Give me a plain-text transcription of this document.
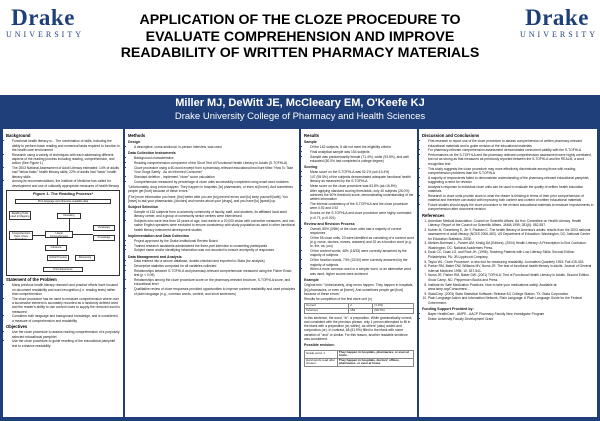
Drake
UNIVERSITY
APPLICATION OF THE CLOZE PROCEDURE TO
EVALUATE COMPREHENSION AND IMPROVE
READABILITY OF WRITTEN PHARMACY MATERIALS
Drake
UNIVERSITY
Miller MJ, DeWitt JE, McCleeary EM, O'Keefe KJ
Drake University College of Pharmacy and Health Sciences
Background
• Functional health literacy is... The combination of skills, including the ability to perform basic reading and numerical tasks required to function in the health care environment
• Research using a variety of techniques with each addressing different aspects of the reading process including reading, comprehension, and action (See Figure 1)
• The 2003 National Assessment of Adult Literacy estimated: 14% of adults had "below basic" health literacy skills; 22% of adults had "basic" health literacy skills
• Among its recommendations, the Institute of Medicine has called for development and use of culturally appropriate measures of health literacy
Figure 1. The Reading Process*
Print language and otherwise available data
Reading Tools used in Mapping	Decoding
Comprehension Tools: Cloze Procedure
Literal Comprehension
Vocabulary
Knowledge
Inference
Global Process	Reasoning
Prior Experience
Statement of the Problem
• Many previous health literacy research and practice efforts have focused on document readability and word recognition (i.e. reading tests) rather than comprehension
• The cloze procedure has be used to measure comprehension where over a successive element is accurately recorded as a randomly deleted word and the reader's ability to use context clues to supply the removed word is measured
• Considers both language and background knowledge, and is considered a measure of comprehension and readability
Objectives
• Use the cloze procedure to assess reading comprehension of a purposely selected educational pamphlet
• Use the cloze procedure to guide rewriting of the educational pamphlet text to enhance readability
Methods
Design
• A descriptive, cross-sectional, in-person interview, was used
Data Collection Instruments
• Background characteristics
• Reading comprehension component of the Short Test of Functional Health Literacy in Adults (S-TOFHLA)
• Cloze procedure using a 60-word excerpt from a pharmacy-relevant educational brochure titled "How To Take Your Drugs Safely - As an Informed Consumer"
• Standard deletion - Implement "cloze" score calculation
• Comprehension measured by percentage of cloze units successfully completed using exact word matches

"Unfortunately, drug errors happen. They happen in hospitals, [in] pharmacies, or even at [home]. And sometimes people get [hurt] because of these errors."

[The] more information you have, [the] better able you are [to] prevent errors and [to] keep yourself [safe]. You [have] to ask your pharmacists, [doctors] and nurses about your [drugs], and you have [to] [speak] up.

Subject Selection
• Sample of 162 subjects from a university community of faculty, staff, and students, its affiliated local adult literacy center, and a group of community senior centers were interviewed
• Subjects who were less than 18 years of age, had reside in a 20,000 vision with corrective measures, and non-native English speakers were excluded to ensure consistency with study population as used in other functional health literacy instrument development studies
Implementation and Data Collection
• Project approved by the Drake Institutional Review Board
• Trained research assistants administered the three-part interview to consenting participants
• Subject name and/or identifying information was not recorded to ensure anonymity of responses
Data Management and Analysis
• Data entered into a secure database, double-checked and exported to Stata (for analysis)
• Descriptive statistics computed for all variables collected
• Relationships between S-TOFHLA and pharmacy-relevant comprehension measured using the Fisher Exact test (p < 0.05)
• Relationships among the cloze procedure score on the pharmacy-relevant brochure, S-TOFHLA score, and educational level
• Qualitative review of cloze responses provided opportunities to improve content readability and used principles of plain language (e.g., common words, context, and short sentences)
Results
Sample
• Of the 162 subjects, 8 did not meet the eligibility criteria
• Final analytical sample was 154 subjects
• Sample was predominantly female (71.4%), white (93.5%), and well educated (50.0% had completed a college degree)
Scoring
• Mean score on the S-TOFHLA was 92.1% (sd=13.4%)
• 147 (95.5%) of the subjects demonstrated adequate functional health literacy as measured by the S-TOFHLA
• Mean score on the cloze procedure was 63.8% (sd=16.5%)
• After applying standard scoring thresholds, only 40 subjects (26.0%) achieved the 60% threshold score, demonstrating understanding of the written information
• The internal consistency of the S-TOFHLA and the cloze procedure were 0.92 and 0.92
• Scores on the S-TOFHLA and cloze procedure were highly correlated (r=0.71, p<0.001)
Review and Revision Process
• Overall, 65% (3/5th) of the cloze units had a majority of correct responses
• Of the 55 cloze units, 23 were identified as consisting of a content word (e.g. nurse, doctors, nurses, answers) and 32 as a function word (e.g. to, the, as, you)
• Of the content words, 48% (15/33) were correctly answered by the majority of subjects
• Of the function words, 73% (22/30) were correctly answered by the majority of subjects
• When a more common word or a simpler word, or an alternative word was used, higher scores were achieved
Example

Original text: "Unfortunately, drug errors happen. They happen in hospitals, [in] pharmacies, or even at [home]. And sometimes people get [hurt] because of these errors."

Results for completion of the first cloze unit (n)

Correct	2	(1.3%)
Incorrect	152	(98.7%)

In this sentence, the word, "in", a preposition. While grammatically correct, and consistent with the previous phrase, only 1 person attempted to fill in the blank with a preposition (at, within), as others' (also) added and conjunction (or). In contrast, 68 (61.9%) filled in the blank with some variation of "and" or similar. For this reason, another readable sentence was considered.

Possible revision:
Grade word: 1	They happen in hospitals, pharmacies, or even at home.
Hard words read after chosen:	They happen in hospitals, doctors' offices, pharmacies, or even at home.
Discussion and Conclusions
• First research to report use of the cloze procedure to assess comprehension of written pharmacy-relevant educational materials and to guide revision of the educational materials
• For pharmacy-relevant comprehension assessment demonstrated concurrent validity with the S-TOFHLA
• Performances on the S-TOFHLA and the pharmacy relevant comprehension assessment were highly correlated, but not as strong as that measured as previously reported between the S-TOFHLA and the REALM, a word recognition test
• This study suggests the cloze procedure may more effectively discriminate among those with reading comprehension problems than the S-TOFHLA
• A majority of respondents failed to demonstrate understanding of the pharmacy-relevant educational pamphlet, suggesting a need for revision
• Analysis's response to individual cloze units can be used to evaluate the quality of written health education materials
• Research to cloze units provide clues to what the reader is thinking in terms of their prior comprehension of material and therefore can assist with improving both content and context of written educational materials
• Future studies should apply the cloze procedure to the revised educational materials to measure improvements in comprehension after document revision
References
1. American Medical Association. Council on Scientific Affairs. Ad Hoc Committee on Health Literacy. Health Literacy: Report of the Council on Scientific Affairs. JAMA 1999; 281(6): 552-557.
2. Kutner M, Greenberg E, Jin Y, Paulsen C. The health literacy of America's adults: results from the 2003 national assessment of adult literacy (NCES 2006-483). US Department of Education. Washington, DC: National Center for Education Statistics, 2006.
3. Nielsen-Bohlman L, Panzer AM, Kindig DA (Editors). (2004) Health Literacy: A Prescription to End Confusion. Washington, DC: National Academies Press.
4. Doak CC, Doak LG, and Root JH. (1996). Teaching Patients with Low Literacy Skills. Second Edition. Philadelphia, PA: JB Lippincott Company.
5. Taylor WL. Cloze Procedure: a new tool for measuring readability. Journalism Quarterly 1953; Fall 415-433.
6. Parker RM, Baker DW, Williams MV, Nurss JR. The test of functional health literacy in adults. Journal of General Internal Medicine 1995; 10: 537-541.
7. Nurss JR, Parker RM, Baker DW. (2001) TOFHLA: Test of Functional Health Literacy in Adults. Second Edition. Snow Camp, NC: Peppercorn Books and Press.
8. Institute for Safe Medication Practices. How to take your medications safely. Available at: www.ismp.org/Consumers/...
9. StataCorp. (2003) Stata Statistical Software: Release 8.0 College Station, TX: Stata Corporation.
10. Plain Language Action and Information Network, Plain Language: A Plain Language Guide for the Federal Government.
Funding Support Provided by:
• Bayer HealthCare - AMPE - AACP Pharmacy Faculty New Investigator Program
• Drake University Faculty Development Grant
